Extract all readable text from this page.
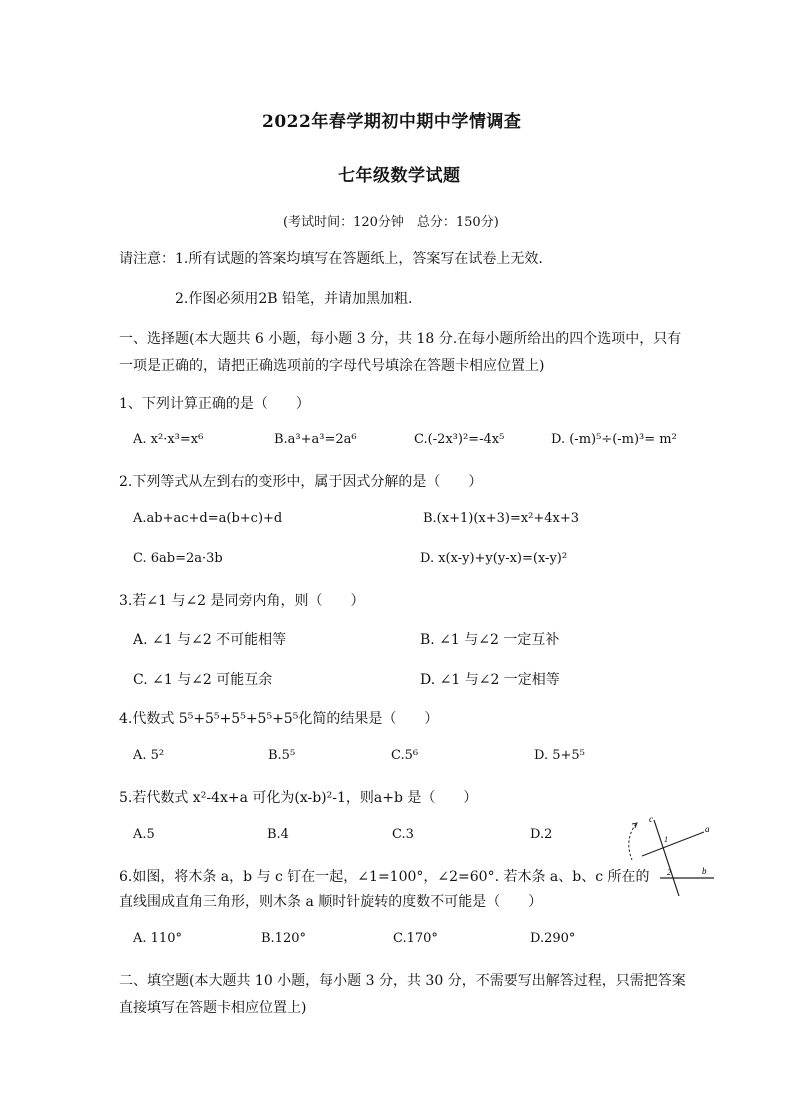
2022年春学期初中期中学情调查
七年级数学试题
(考试时间：120分钟　总分：150分)
请注意：1.所有试题的答案均填写在答题纸上，答案写在试卷上无效.
2.作图必须用2B 铅笔，并请加黑加粗.
一、选择题(本大题共 6 小题，每小题 3 分，共 18 分.在每小题所给出的四个选项中，只有
一项是正确的，请把正确选项前的字母代号填涂在答题卡相应位置上)
1、下列计算正确的是（　　）
A. x²·x³=x⁶	B.a³+a³=2a⁶	C.(-2x³)²=-4x⁵	D. (-m)⁵÷(-m)³= m²
2.下列等式从左到右的变形中，属于因式分解的是（　　）
A.ab+ac+d=a(b+c)+d	B.(x+1)(x+3)=x²+4x+3
C. 6ab=2a·3b	D. x(x-y)+y(y-x)=(x-y)²
3.若∠1 与∠2 是同旁内角，则（　　）
A. ∠1 与∠2 不可能相等	B. ∠1 与∠2 一定互补
C. ∠1 与∠2 可能互余	D. ∠1 与∠2 一定相等
4.代数式 5⁵+5⁵+5⁵+5⁵+5⁵化简的结果是（　　）
A. 5²	B.5⁵	C.5⁶	D. 5+5⁵
5.若代数式 x²-4x+a 可化为(x-b)²-1，则a+b 是（　　）
A.5	B.4	C.3	D.2
6.如图，将木条 a，b 与 c 钉在一起，∠1=100°，∠2=60°. 若木条 a、b、c 所在的
直线围成直角三角形，则木条 a 顺时针旋转的度数不可能是（　　）
A. 110°	B.120°	C.170°	D.290°
c
a
b
1
2
二、填空题(本大题共 10 小题，每小题 3 分，共 30 分，不需要写出解答过程，只需把答案
直接填写在答题卡相应位置上)
